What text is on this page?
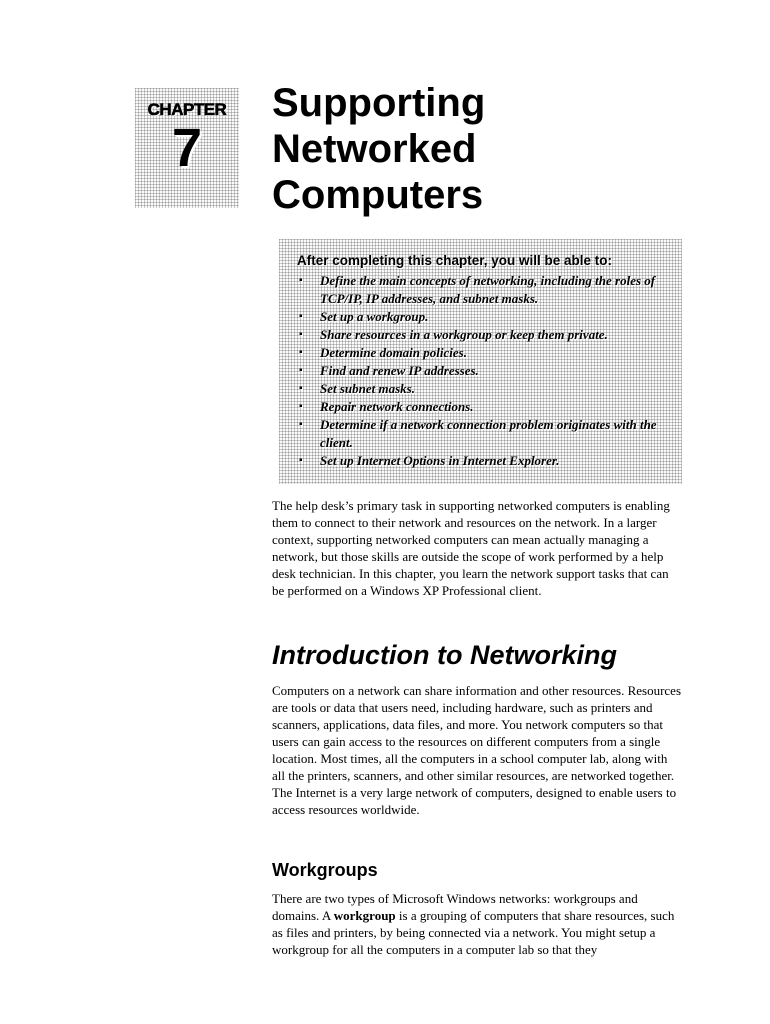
CHAPTER
7
Supporting
Networked
Computers

After completing this chapter, you will be able to:

▪ Define the main concepts of networking, including the roles of TCP/IP, IP addresses, and subnet masks.
▪ Set up a workgroup.
▪ Share resources in a workgroup or keep them private.
▪ Determine domain policies.
▪ Find and renew IP addresses.
▪ Set subnet masks.
▪ Repair network connections.
▪ Determine if a network connection problem originates with the client.
▪ Set up Internet Options in Internet Explorer.

The help desk’s primary task in supporting networked computers is enabling them to connect to their network and resources on the network. In a larger context, supporting networked computers can mean actually managing a network, but those skills are outside the scope of work performed by a help desk technician. In this chapter, you learn the network support tasks that can be performed on a Windows XP Professional client.

Introduction to Networking

Computers on a network can share information and other resources. Resources are tools or data that users need, including hardware, such as printers and scanners, applications, data files, and more. You network computers so that users can gain access to the resources on different computers from a single location. Most times, all the computers in a school computer lab, along with all the printers, scanners, and other similar resources, are networked together. The Internet is a very large network of computers, designed to enable users to access resources worldwide.

Workgroups

There are two types of Microsoft Windows networks: workgroups and domains. A workgroup is a grouping of computers that share resources, such as files and printers, by being connected via a network. You might setup a workgroup for all the computers in a computer lab so that they
